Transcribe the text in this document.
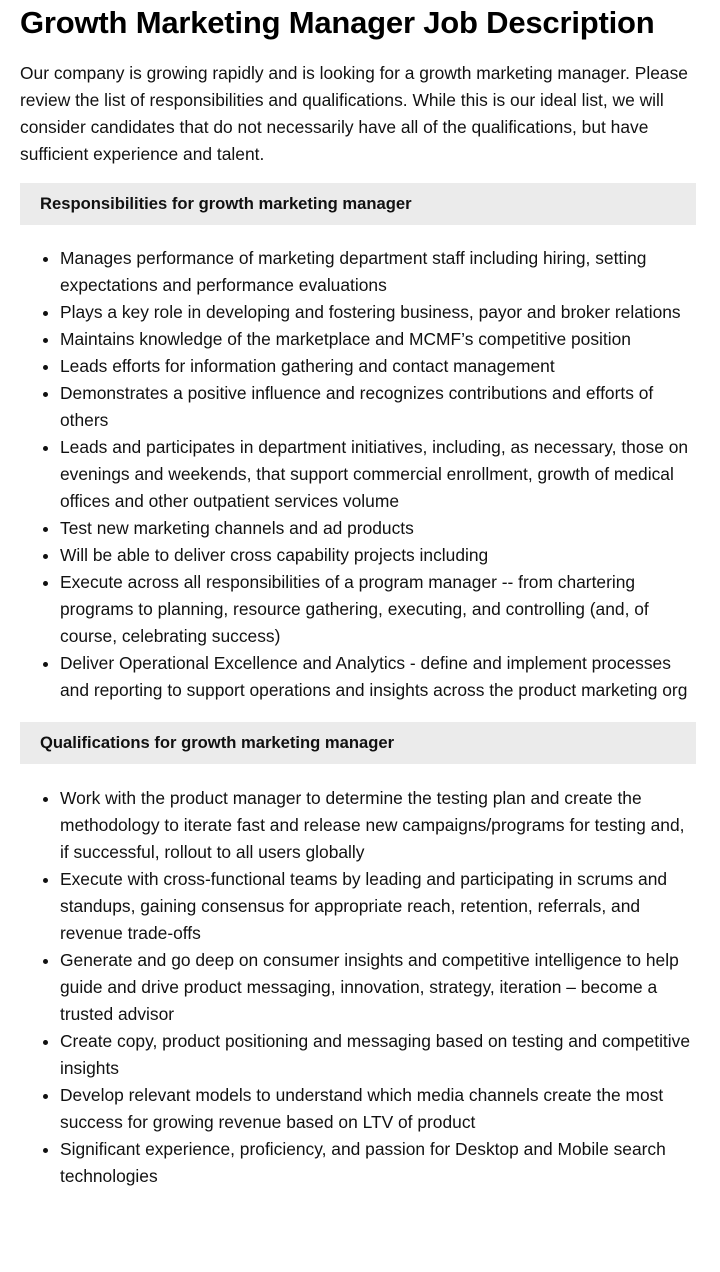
Growth Marketing Manager Job Description

Our company is growing rapidly and is looking for a growth marketing manager. Please review the list of responsibilities and qualifications. While this is our ideal list, we will consider candidates that do not necessarily have all of the qualifications, but have sufficient experience and talent.

Responsibilities for growth marketing manager
• Manages performance of marketing department staff including hiring, setting expectations and performance evaluations
• Plays a key role in developing and fostering business, payor and broker relations
• Maintains knowledge of the marketplace and MCMF’s competitive position
• Leads efforts for information gathering and contact management
• Demonstrates a positive influence and recognizes contributions and efforts of others
• Leads and participates in department initiatives, including, as necessary, those on evenings and weekends, that support commercial enrollment, growth of medical offices and other outpatient services volume
• Test new marketing channels and ad products
• Will be able to deliver cross capability projects including
• Execute across all responsibilities of a program manager -- from chartering programs to planning, resource gathering, executing, and controlling (and, of course, celebrating success)
• Deliver Operational Excellence and Analytics - define and implement processes and reporting to support operations and insights across the product marketing org
Qualifications for growth marketing manager
• Work with the product manager to determine the testing plan and create the methodology to iterate fast and release new campaigns/programs for testing and, if successful, rollout to all users globally
• Execute with cross-functional teams by leading and participating in scrums and standups, gaining consensus for appropriate reach, retention, referrals, and revenue trade-offs
• Generate and go deep on consumer insights and competitive intelligence to help guide and drive product messaging, innovation, strategy, iteration – become a trusted advisor
• Create copy, product positioning and messaging based on testing and competitive insights
• Develop relevant models to understand which media channels create the most success for growing revenue based on LTV of product
• Significant experience, proficiency, and passion for Desktop and Mobile search technologies
